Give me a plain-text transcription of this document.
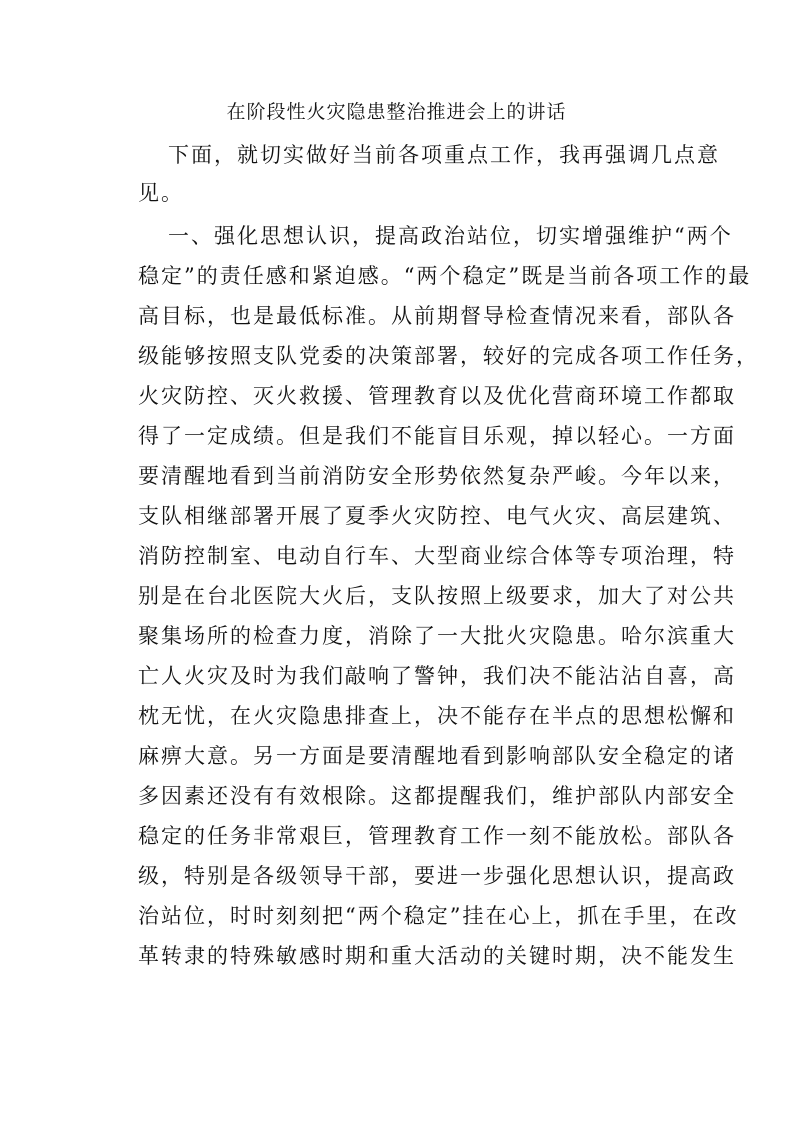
在阶段性火灾隐患整治推进会上的讲话
下面，就切实做好当前各项重点工作，我再强调几点意
见。
一、强化思想认识，提高政治站位，切实增强维护“两个
稳定”的责任感和紧迫感。“两个稳定”既是当前各项工作的最
高目标，也是最低标准。从前期督导检查情况来看，部队各
级能够按照支队党委的决策部署，较好的完成各项工作任务，
火灾防控、灭火救援、管理教育以及优化营商环境工作都取
得了一定成绩。但是我们不能盲目乐观，掉以轻心。一方面
要清醒地看到当前消防安全形势依然复杂严峻。今年以来，
支队相继部署开展了夏季火灾防控、电气火灾、高层建筑、
消防控制室、电动自行车、大型商业综合体等专项治理，特
别是在台北医院大火后，支队按照上级要求，加大了对公共
聚集场所的检查力度，消除了一大批火灾隐患。哈尔滨重大
亡人火灾及时为我们敲响了警钟，我们决不能沾沾自喜，高
枕无忧，在火灾隐患排查上，决不能存在半点的思想松懈和
麻痹大意。另一方面是要清醒地看到影响部队安全稳定的诸
多因素还没有有效根除。这都提醒我们，维护部队内部安全
稳定的任务非常艰巨，管理教育工作一刻不能放松。部队各
级，特别是各级领导干部，要进一步强化思想认识，提高政
治站位，时时刻刻把“两个稳定”挂在心上，抓在手里，在改
革转隶的特殊敏感时期和重大活动的关键时期，决不能发生
